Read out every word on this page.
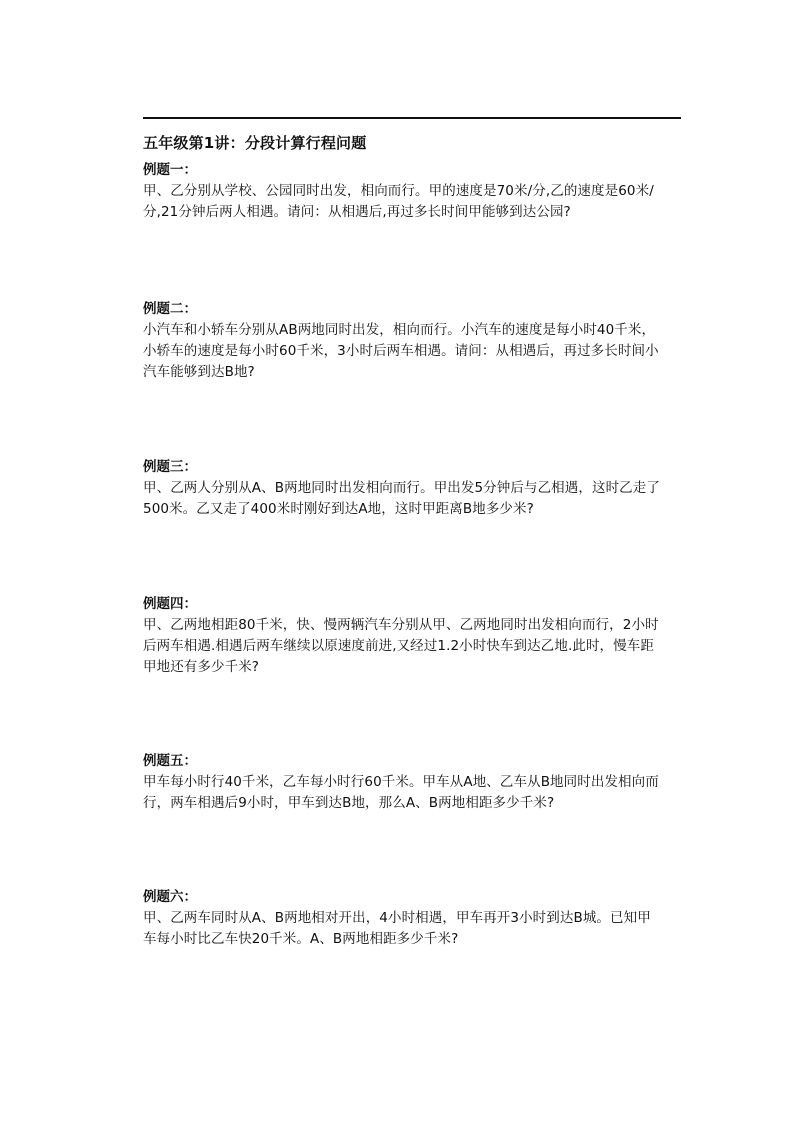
五年级第1讲：分段计算行程问题
例题一：
甲、乙分别从学校、公园同时出发，相向而行。甲的速度是70米/分,乙的速度是60米/
分,21分钟后两人相遇。请问：从相遇后,再过多长时间甲能够到达公园?
例题二：
小汽车和小轿车分别从AB两地同时出发，相向而行。小汽车的速度是每小时40千米，
小轿车的速度是每小时60千米，3小时后两车相遇。请问：从相遇后，再过多长时间小
汽车能够到达B地?
例题三：
甲、乙两人分别从A、B两地同时出发相向而行。甲出发5分钟后与乙相遇，这时乙走了
500米。乙又走了400米时刚好到达A地，这时甲距离B地多少米?
例题四：
甲、乙两地相距80千米，快、慢两辆汽车分别从甲、乙两地同时出发相向而行，2小时
后两车相遇.相遇后两车继续以原速度前进,又经过1.2小时快车到达乙地.此时，慢车距
甲地还有多少千米?
例题五：
甲车每小时行40千米，乙车每小时行60千米。甲车从A地、乙车从B地同时出发相向而
行，两车相遇后9小时，甲车到达B地，那么A、B两地相距多少千米?
例题六：
甲、乙两车同时从A、B两地相对开出，4小时相遇，甲车再开3小时到达B城。已知甲
车每小时比乙车快20千米。A、B两地相距多少千米?
